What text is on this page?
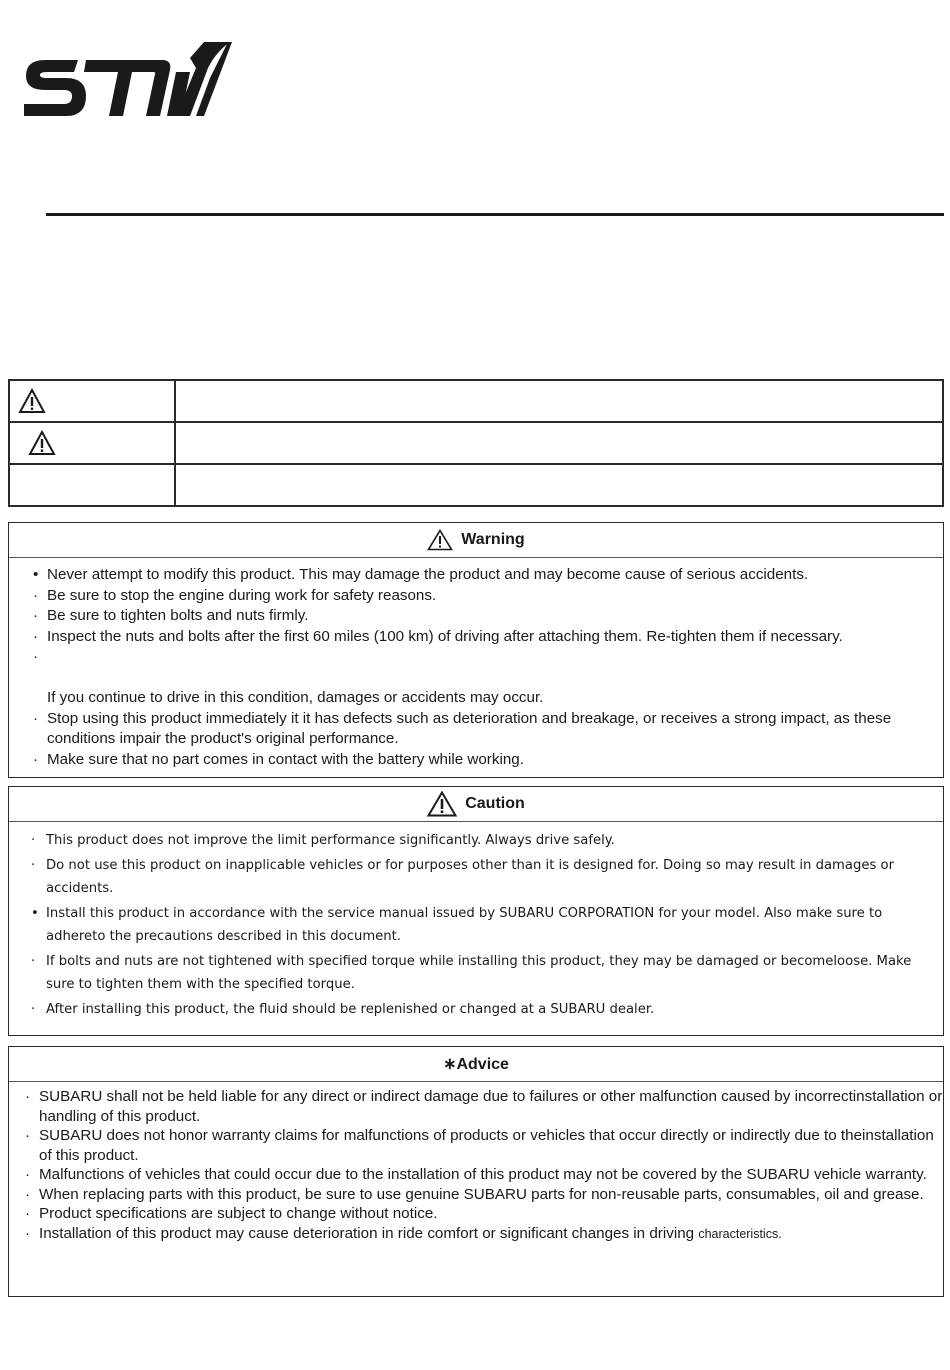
Warning
• Never attempt to modify this product. This may damage the product and may become cause of serious accidents.
· Be sure to stop the engine during work for safety reasons.
· Be sure to tighten bolts and nuts firmly.
· Inspect the nuts and bolts after the first 60 miles (100 km) of driving after attaching them. Re-tighten them if necessary.
·
If you continue to drive in this condition, damages or accidents may occur.
· Stop using this product immediately it it has defects such as deterioration and breakage, or receives a strong impact, as these conditions impair the product's original performance.
· Make sure that no part comes in contact with the battery while working.
Caution
· This product does not improve the limit performance significantly. Always drive safely.
· Do not use this product on inapplicable vehicles or for purposes other than it is designed for. Doing so may result in damages or accidents.
• Install this product in accordance with the service manual issued by SUBARU CORPORATION for your model. Also make sure to adhereto the precautions described in this document.
· If bolts and nuts are not tightened with specified torque while installing this product, they may be damaged or becomeloose. Make sure to tighten them with the specified torque.
· After installing this product, the fluid should be replenished or changed at a SUBARU dealer.
∗Advice
· SUBARU shall not be held liable for any direct or indirect damage due to failures or other malfunction caused by incorrectinstallation or handling of this product.
· SUBARU does not honor warranty claims for malfunctions of products or vehicles that occur directly or indirectly due to theinstallation of this product.
· Malfunctions of vehicles that could occur due to the installation of this product may not be covered by the SUBARU vehicle warranty.
· When replacing parts with this product, be sure to use genuine SUBARU parts for non-reusable parts, consumables, oil and grease.
· Product specifications are subject to change without notice.
· Installation of this product may cause deterioration in ride comfort or significant changes in driving characteristics.
